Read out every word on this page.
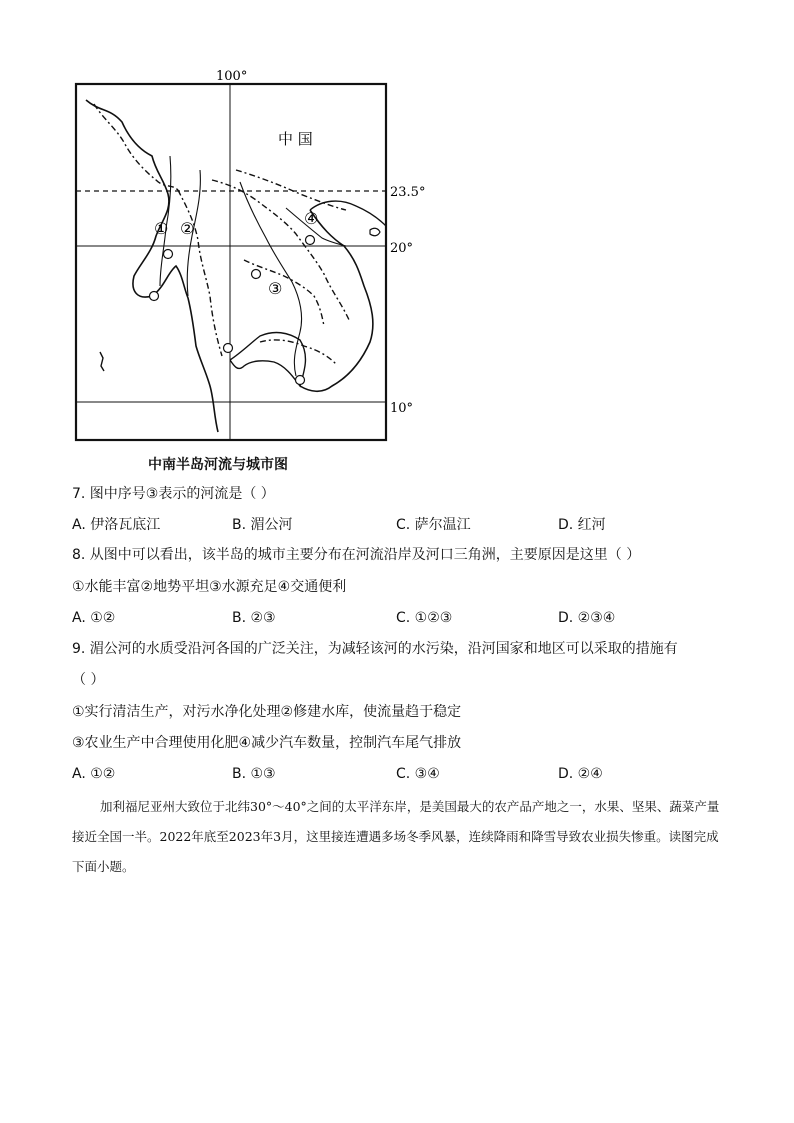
100°
23.5°
20°
10°
中 国
① ②
③
④
中南半岛河流与城市图
7. 图中序号③表示的河流是（ ）
A. 伊洛瓦底江	B. 湄公河	C. 萨尔温江	D. 红河
8. 从图中可以看出，该半岛的城市主要分布在河流沿岸及河口三角洲，主要原因是这里（ ）
①水能丰富②地势平坦③水源充足④交通便利
A. ①②	B. ②③	C. ①②③	D. ②③④
9. 湄公河的水质受沿河各国的广泛关注，为减轻该河的水污染，沿河国家和地区可以采取的措施有
（ ）
①实行清洁生产，对污水净化处理②修建水库，使流量趋于稳定
③农业生产中合理使用化肥④减少汽车数量，控制汽车尾气排放
A. ①②	B. ①③	C. ③④	D. ②④
加利福尼亚州大致位于北纬30°～40°之间的太平洋东岸，是美国最大的农产品产地之一，水果、坚果、蔬菜产量接近全国一半。2022年底至2023年3月，这里接连遭遇多场冬季风暴，连续降雨和降雪导致农业损失惨重。读图完成下面小题。
